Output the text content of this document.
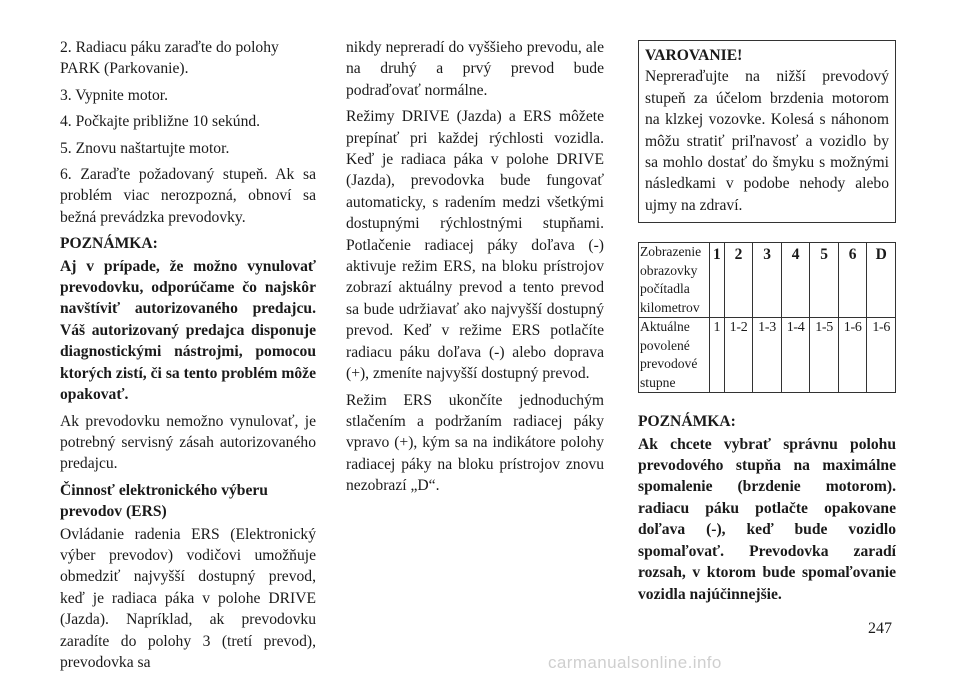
2. Radiacu páku zaraďte do polohy PARK (Parkovanie).

3. Vypnite motor.

4. Počkajte približne 10 sekúnd.

5. Znovu naštartujte motor.

6. Zaraďte požadovaný stupeň. Ak sa problém viac nerozpozná, obnoví sa bežná prevádzka prevodovky.

POZNÁMKA:

Aj v prípade, že možno vynulovať prevodovku, odporúčame čo najskôr navštíviť autorizovaného predajcu. Váš autorizovaný predajca disponuje diagnostickými nástrojmi, pomocou ktorých zistí, či sa tento problém môže opakovať.

Ak prevodovku nemožno vynulovať, je potrebný servisný zásah autorizovaného predajcu.

Činnosť elektronického výberu
prevodov (ERS)

Ovládanie radenia ERS (Elektronický výber prevodov) vodičovi umožňuje obmedziť najvyšší dostupný prevod, keď je radiaca páka v polohe DRIVE (Jazda). Napríklad, ak prevodovku zaradíte do polohy 3 (tretí prevod), prevodovka sa

nikdy nepreradí do vyššieho prevodu, ale na druhý a prvý prevod bude podraďovať normálne.

Režimy DRIVE (Jazda) a ERS môžete prepínať pri každej rýchlosti vozidla. Keď je radiaca páka v polohe DRIVE (Jazda), prevodovka bude fungovať automaticky, s radením medzi všetkými dostupnými rýchlostnými stupňami. Potlačenie radiacej páky doľava (-) aktivuje režim ERS, na bloku prístrojov zobrazí aktuálny prevod a tento prevod sa bude udržiavať ako najvyšší dostupný prevod. Keď v režime ERS potlačíte radiacu páku doľava (-) alebo doprava (+), zmeníte najvyšší dostupný prevod.

Režim ERS ukončíte jednoduchým stlačením a podržaním radiacej páky vpravo (+), kým sa na indikátore polohy radiacej páky na bloku prístrojov znovu nezobrazí „D“.

VAROVANIE!
Nepreraďujte na nižší prevodový stupeň za účelom brzdenia motorom na klzkej vozovke. Kolesá s náhonom môžu stratiť priľnavosť a vozidlo by sa mohlo dostať do šmyku s možnými následkami v podobe nehody alebo ujmy na zdraví.
Zobrazenie obrazovky počítadla kilometrov	1	2	3	4	5	6	D
Aktuálne povolené prevodové stupne	1	1-2	1-3	1-4	1-5	1-6	1-6

POZNÁMKA:

Ak chcete vybrať správnu polohu prevodového stupňa na maximálne spomalenie (brzdenie motorom). radiacu páku potlačte opakovane doľava (-), keď bude vozidlo spomaľovať. Prevodovka zaradí rozsah, v ktorom bude spomaľovanie vozidla najúčinnejšie.

247
carmanualsonline.info
